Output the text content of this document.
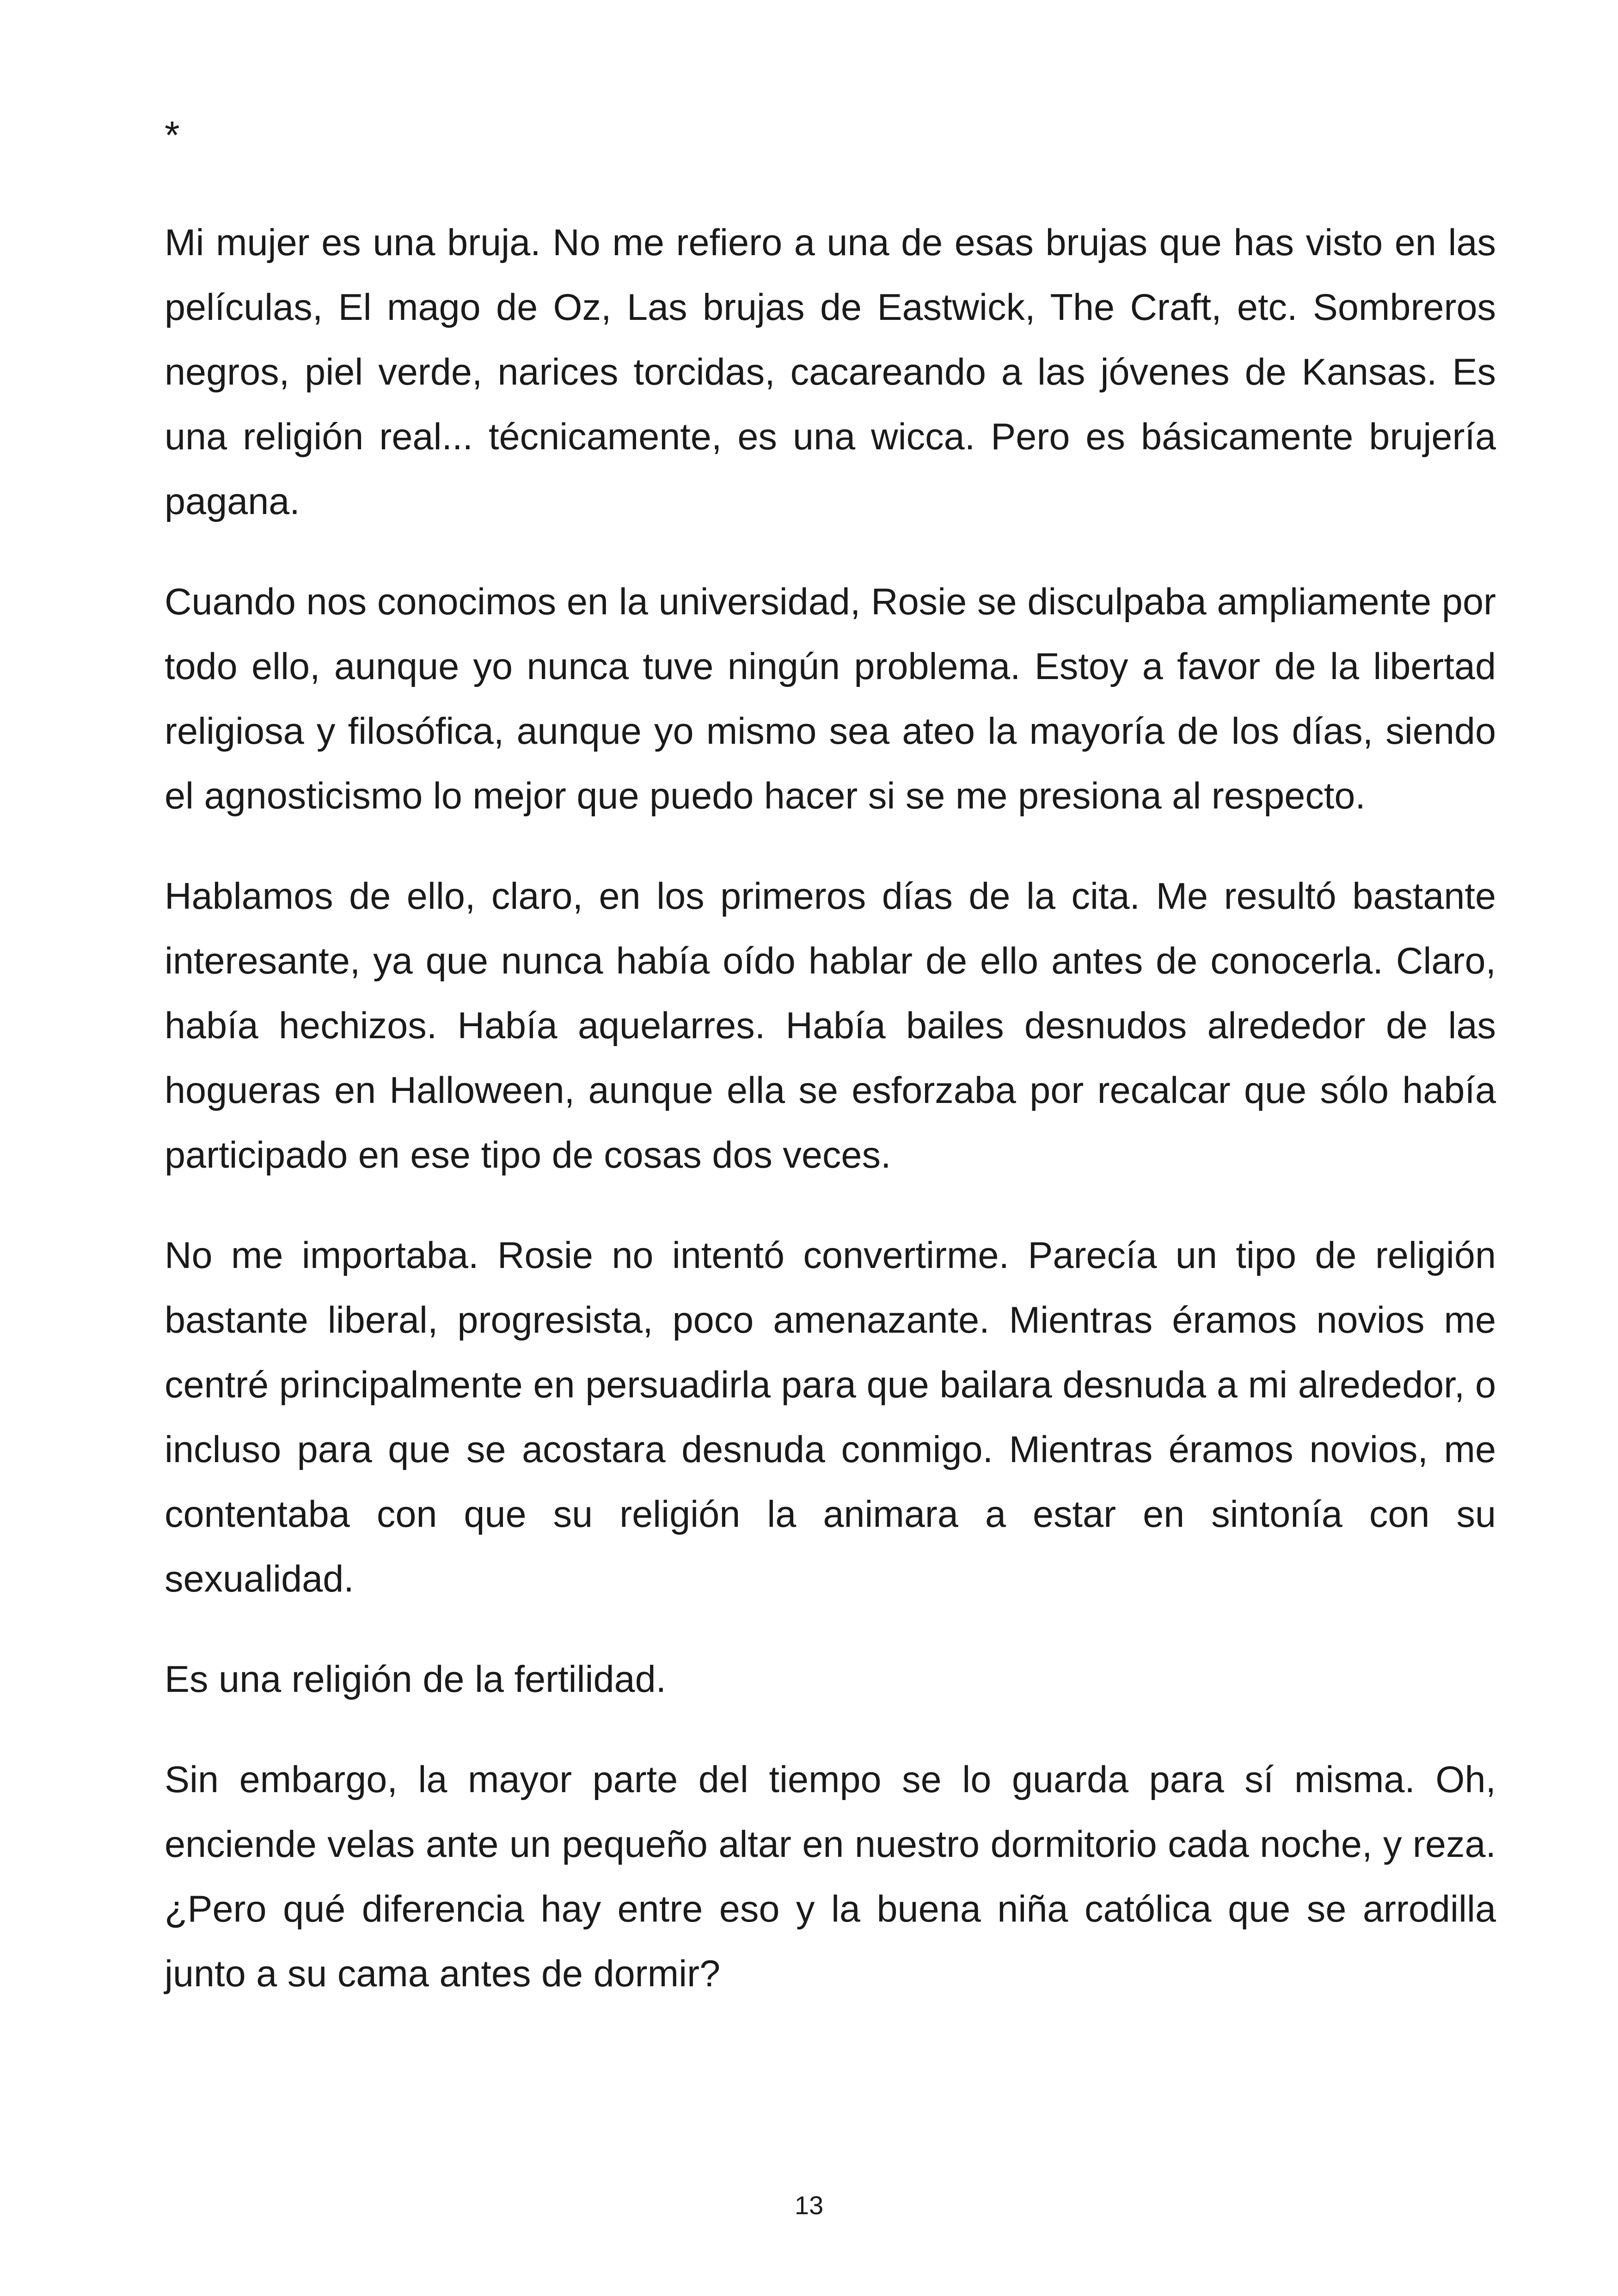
*

Mi mujer es una bruja. No me refiero a una de esas brujas que has visto en las películas, El mago de Oz, Las brujas de Eastwick, The Craft, etc. Sombreros negros, piel verde, narices torcidas, cacareando a las jóvenes de Kansas. Es una religión real... técnicamente, es una wicca. Pero es básicamente brujería pagana.

Cuando nos conocimos en la universidad, Rosie se disculpaba ampliamente por todo ello, aunque yo nunca tuve ningún problema. Estoy a favor de la libertad religiosa y filosófica, aunque yo mismo sea ateo la mayoría de los días, siendo el agnosticismo lo mejor que puedo hacer si se me presiona al respecto.

Hablamos de ello, claro, en los primeros días de la cita. Me resultó bastante interesante, ya que nunca había oído hablar de ello antes de conocerla. Claro, había hechizos. Había aquelarres. Había bailes desnudos alrededor de las hogueras en Halloween, aunque ella se esforzaba por recalcar que sólo había participado en ese tipo de cosas dos veces.

No me importaba. Rosie no intentó convertirme. Parecía un tipo de religión bastante liberal, progresista, poco amenazante. Mientras éramos novios me centré principalmente en persuadirla para que bailara desnuda a mi alrededor, o incluso para que se acostara desnuda conmigo. Mientras éramos novios, me contentaba con que su religión la animara a estar en sintonía con su sexualidad.

Es una religión de la fertilidad.

Sin embargo, la mayor parte del tiempo se lo guarda para sí misma. Oh, enciende velas ante un pequeño altar en nuestro dormitorio cada noche, y reza. ¿Pero qué diferencia hay entre eso y la buena niña católica que se arrodilla junto a su cama antes de dormir?

13
